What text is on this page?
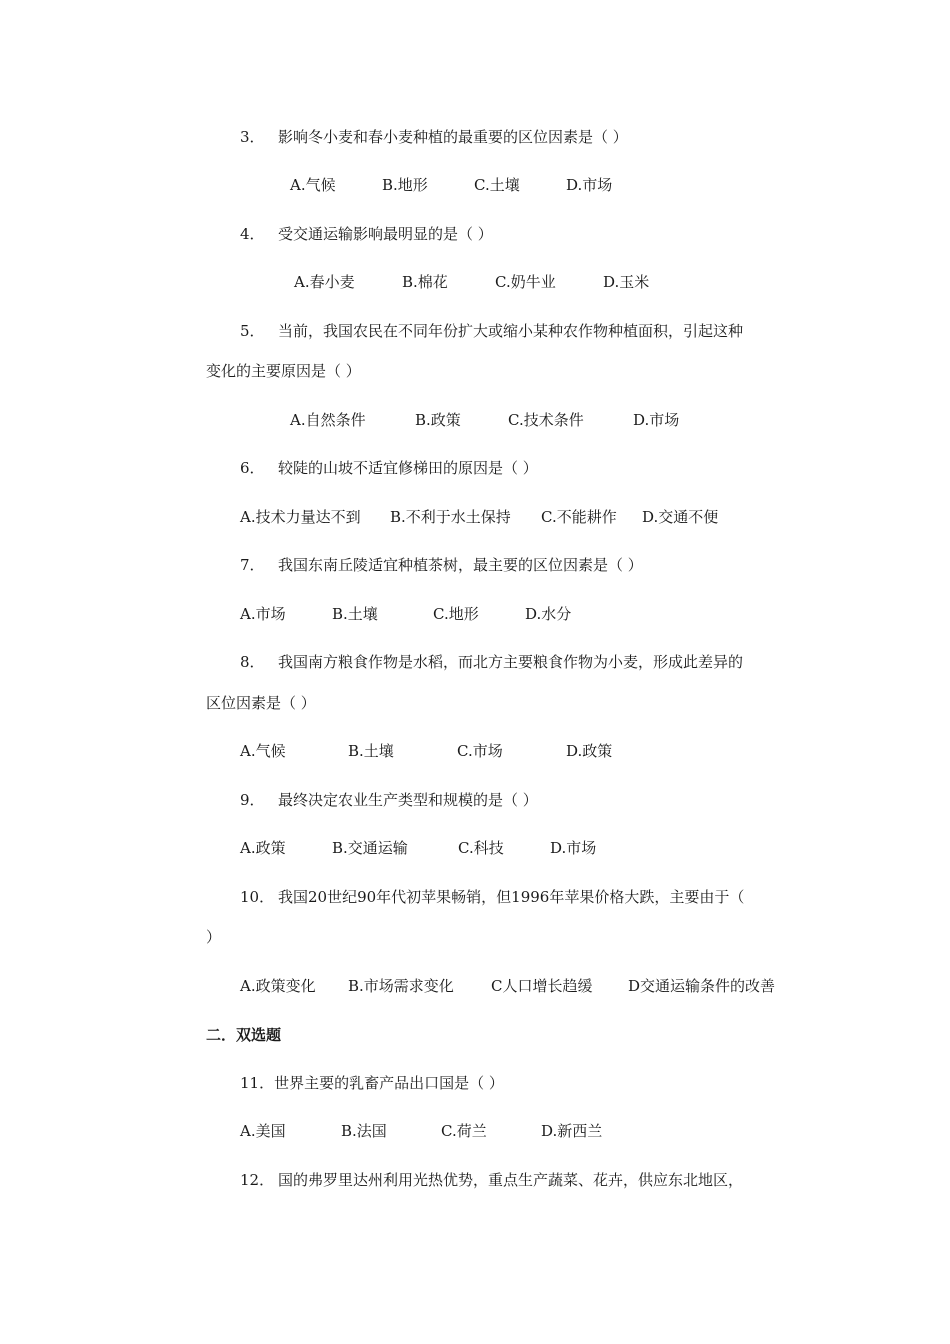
3． 影响冬小麦和春小麦种植的最重要的区位因素是（ ）
A.气候	B.地形	C.土壤	D.市场
4． 受交通运输影响最明显的是（ ）
A.春小麦	B.棉花	C.奶牛业	D.玉米
5． 当前，我国农民在不同年份扩大或缩小某种农作物种植面积，引起这种
变化的主要原因是（ ）
A.自然条件	B.政策	C.技术条件	D.市场
6． 较陡的山坡不适宜修梯田的原因是（ ）
A.技术力量达不到 B.不利于水土保持 C.不能耕作 D.交通不便
7． 我国东南丘陵适宜种植茶树，最主要的区位因素是（ ）
A.市场	B.土壤	C.地形	D.水分
8． 我国南方粮食作物是水稻，而北方主要粮食作物为小麦，形成此差异的
区位因素是（ ）
A.气候	B.土壤	C.市场	D.政策
9． 最终决定农业生产类型和规模的是（ ）
A.政策	B.交通运输	C.科技	D.市场
10． 我国20世纪90年代初苹果畅销，但1996年苹果价格大跌，主要由于（
）
A.政策变化 B.市场需求变化 C人口增长趋缓 D交通运输条件的改善
二．双选题
11．世界主要的乳畜产品出口国是（ ）
A.美国	B.法国	C.荷兰	D.新西兰
12． 国的弗罗里达州利用光热优势，重点生产蔬菜、花卉，供应东北地区，
